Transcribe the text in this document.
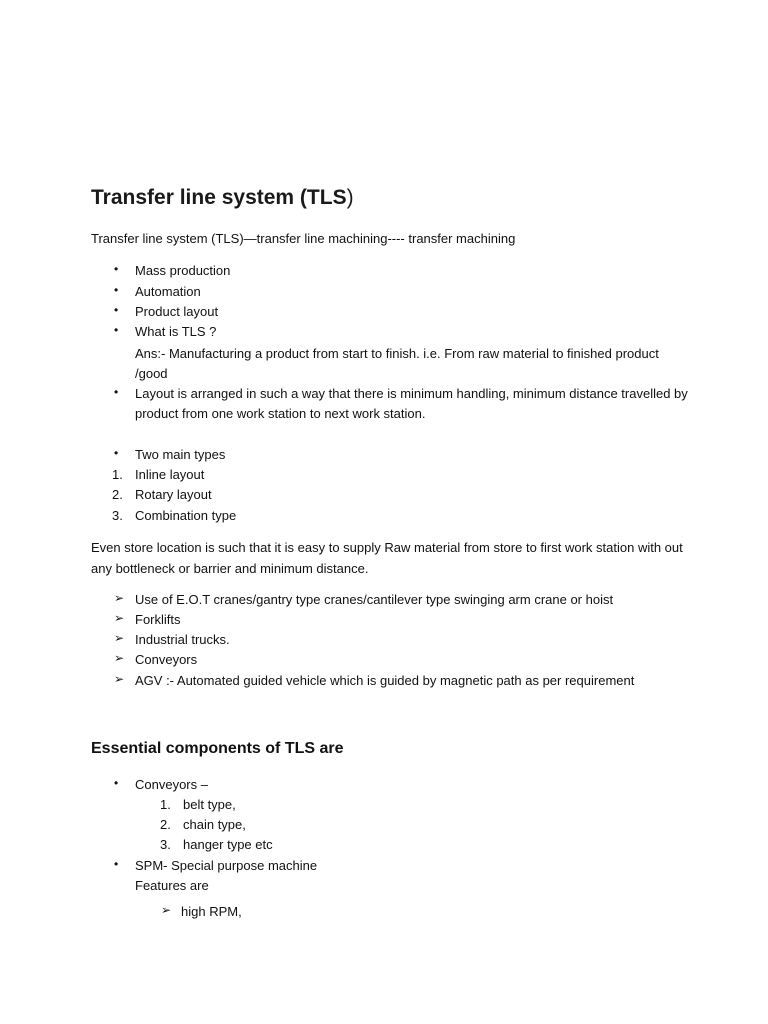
Transfer line system (TLS)
Transfer line system (TLS)—transfer line machining---- transfer machining
• Mass production
• Automation
• Product layout
• What is TLS ?
Ans:- Manufacturing a product from start to finish. i.e. From raw material to finished product
/good
• Layout is arranged in such a way that there is minimum handling, minimum distance travelled by
product from one work station to next work station.
• Two main types
1. Inline layout
2. Rotary layout
3. Combination type
Even store location is such that it is easy to supply Raw material from store to first work station with out
any bottleneck or barrier and minimum distance.
➢ Use of E.O.T cranes/gantry type cranes/cantilever type swinging arm crane or hoist
➢ Forklifts
➢ Industrial trucks.
➢ Conveyors
➢ AGV :- Automated guided vehicle which is guided by magnetic path as per requirement
Essential components of TLS are
• Conveyors –
1. belt type,
2. chain type,
3. hanger type etc
• SPM- Special purpose machine
Features are
➢ high RPM,
